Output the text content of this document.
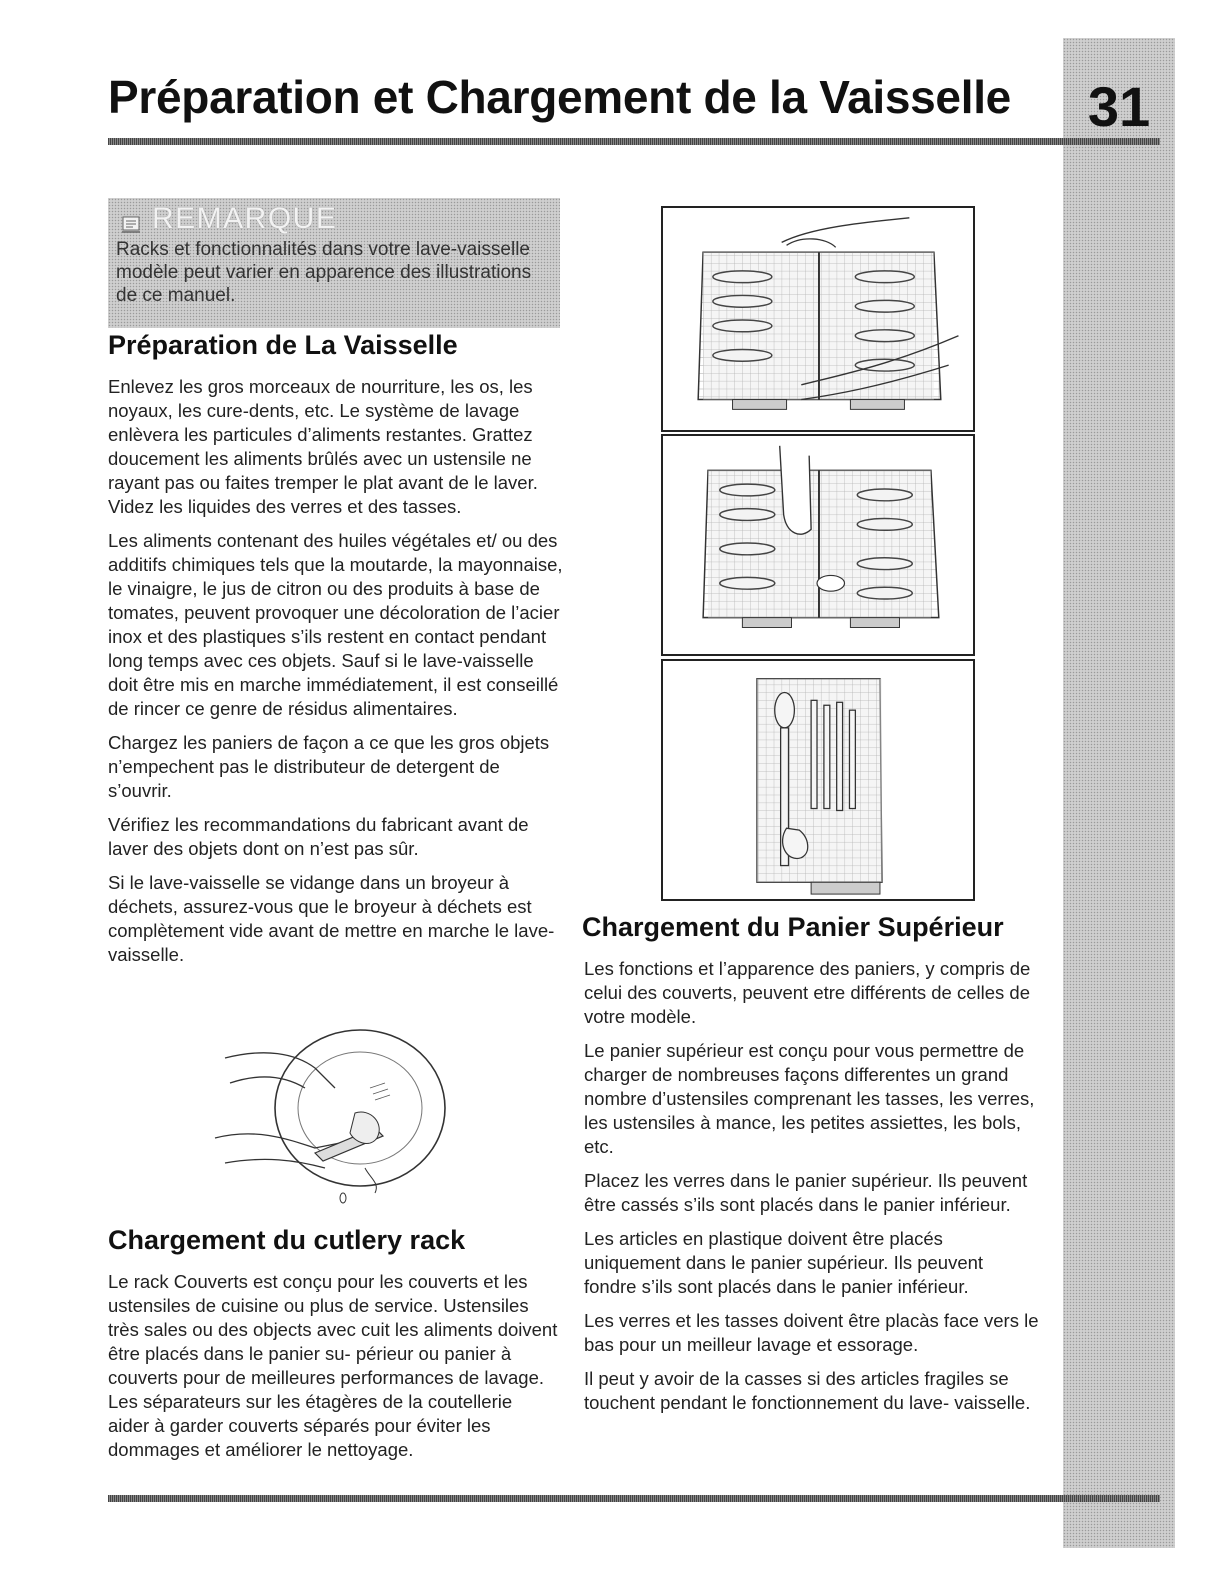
Préparation et Chargement de la Vaisselle	31
REMARQUE
Racks et fonctionnalités dans votre lave-vaisselle modèle peut varier en apparence des illustrations de ce manuel.
Préparation de La Vaisselle

Enlevez les gros morceaux de nourriture, les os, les noyaux, les cure-dents, etc. Le système de lavage enlèvera les particules d’aliments restantes. Grattez doucement les aliments brûlés avec un ustensile ne rayant pas ou faites tremper le plat avant de le laver. Videz les liquides des verres et des tasses.

Les aliments contenant des huiles végétales et/ ou des additifs chimiques tels que la moutarde, la mayonnaise, le vinaigre, le jus de citron ou des produits à base de tomates, peuvent provoquer une décoloration de l’acier inox et des plastiques s’ils restent en contact pendant long temps avec ces objets. Sauf si le lave-vaisselle doit être mis en marche immédiatement, il est conseillé de rincer ce genre de résidus alimentaires.

Chargez les paniers de façon a ce que les gros objets n’empechent pas le distributeur de detergent de s’ouvrir.

Vérifiez les recommandations du fabricant avant de laver des objets dont on n’est pas sûr.

Si le lave-vaisselle se vidange dans un broyeur à déchets, assurez-vous que le broyeur à déchets est complètement vide avant de mettre en marche le lave-vaisselle.

Chargement du cutlery rack

Le rack Couverts est conçu pour les couverts et les ustensiles de cuisine ou plus de service. Ustensiles très sales ou des objects avec cuit les aliments doivent être placés dans le panier su- périeur ou panier à couverts pour de meilleures performances de lavage. Les séparateurs sur les étagères de la coutellerie aider à garder couverts séparés pour éviter les dommages et améliorer le nettoyage.

Chargement du Panier Supérieur

Les fonctions et l’apparence des paniers, y compris de celui des couverts, peuvent etre différents de celles de votre modèle.

Le panier supérieur est conçu pour vous permettre de charger de nombreuses façons differentes un grand nombre d’ustensiles comprenant les tasses, les verres, les ustensiles à mance, les petites assiettes, les bols, etc.

Placez les verres dans le panier supérieur. Ils peuvent être cassés s’ils sont placés dans le panier inférieur.

Les articles en plastique doivent être placés uniquement dans le panier supérieur. Ils peuvent fondre s’ils sont placés dans le panier inférieur.

Les verres et les tasses doivent être placàs face vers le bas pour un meilleur lavage et essorage.

Il peut y avoir de la casses si des articles fragiles se touchent pendant le fonctionnement du lave- vaisselle.
